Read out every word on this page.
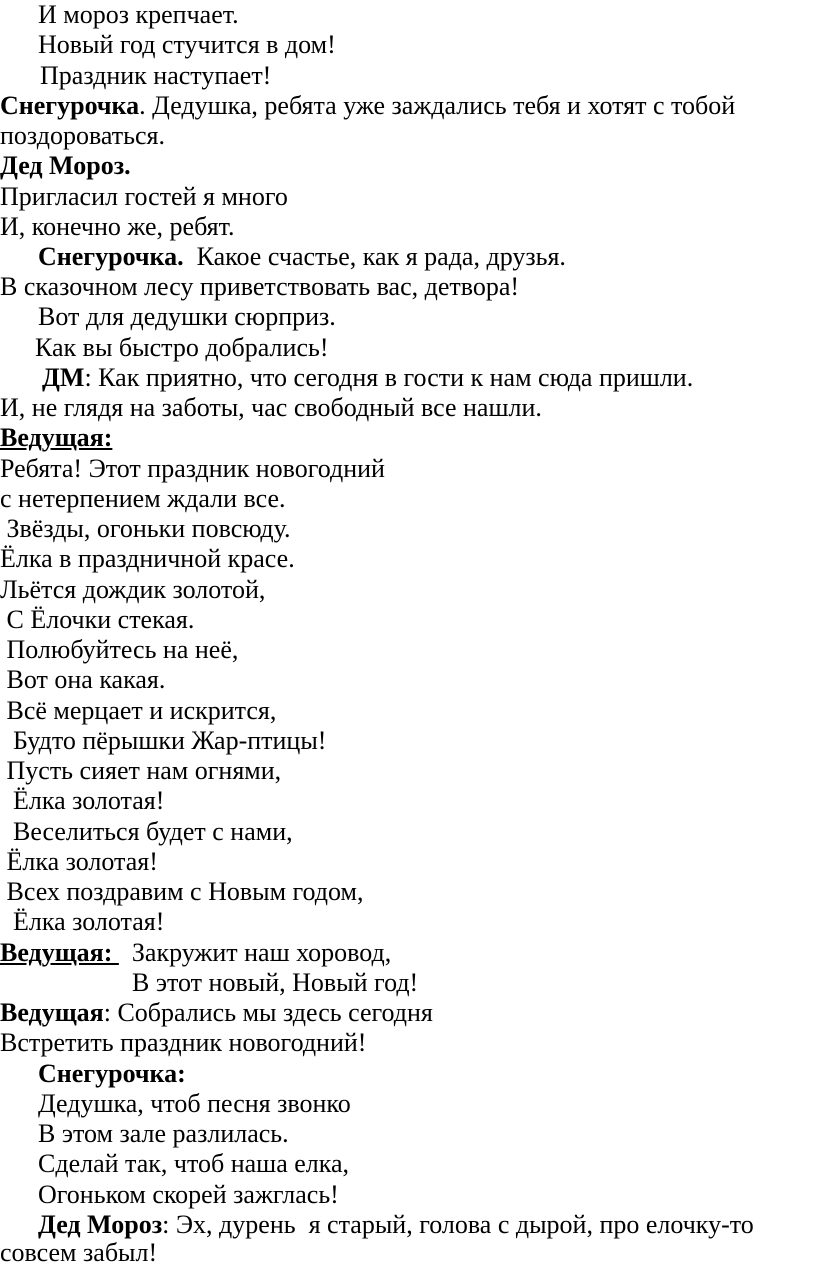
И мороз крепчает.
Новый год стучится в дом!
Праздник наступает!
Снегурочка. Дедушка, ребята уже заждались тебя и хотят с тобой
поздороваться.
Дед Мороз.
Пригласил гостей я много
И, конечно же, ребят.
Снегурочка.  Какое счастье, как я рада, друзья.
В сказочном лесу приветствовать вас, детвора!
Вот для дедушки сюрприз.
Как вы быстро добрались!
ДМ: Как приятно, что сегодня в гости к нам сюда пришли.
И, не глядя на заботы, час свободный все нашли.
Ведущая:
Ребята! Этот праздник новогодний
с нетерпением ждали все.
Звёзды, огоньки повсюду.
Ёлка в праздничной красе.
Льётся дождик золотой,
С Ёлочки стекая.
Полюбуйтесь на неё,
Вот она какая.
Всё мерцает и искрится,
Будто пёрышки Жар-птицы!
Пусть сияет нам огнями,
Ёлка золотая!
Веселиться будет с нами,
Ёлка золотая!
Всех поздравим с Новым годом,
Ёлка золотая!
Ведущая:   Закружит наш хоровод,
В этот новый, Новый год!
Ведущая: Собрались мы здесь сегодня
Встретить праздник новогодний!
Снегурочка:
Дедушка, чтоб песня звонко
В этом зале разлилась.
Сделай так, чтоб наша елка,
Огоньком скорей зажглась!
Дед Мороз: Эх, дурень  я старый, голова с дырой, про елочку-то
совсем забыл!
